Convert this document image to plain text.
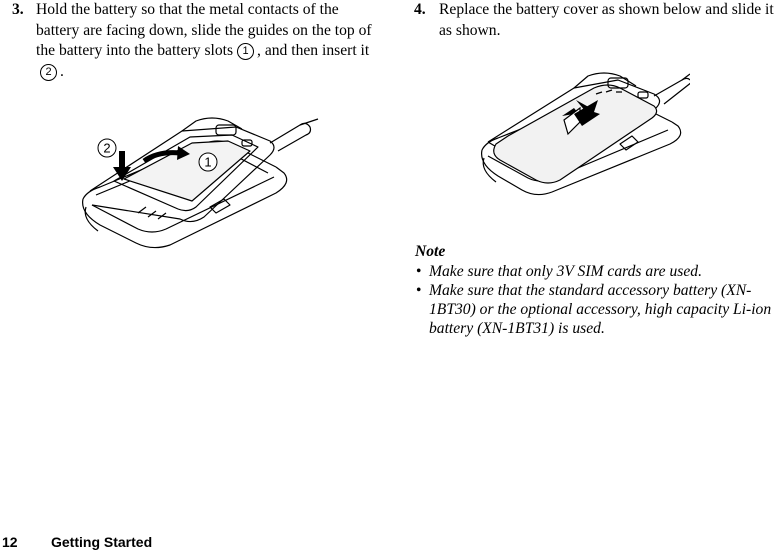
3. Hold the battery so that the metal contacts of the battery are facing down, slide the guides on the top of the battery into the battery slots 1 , and then insert it2 .
4. Replace the battery cover as shown below and slide it as shown.
1
2
Note
• Make sure that only 3V SIM cards are used.
• Make sure that the standard accessory battery (XN-1BT30) or the optional accessory, high capacity Li-ion battery (XN-1BT31) is used.
12 Getting Started
